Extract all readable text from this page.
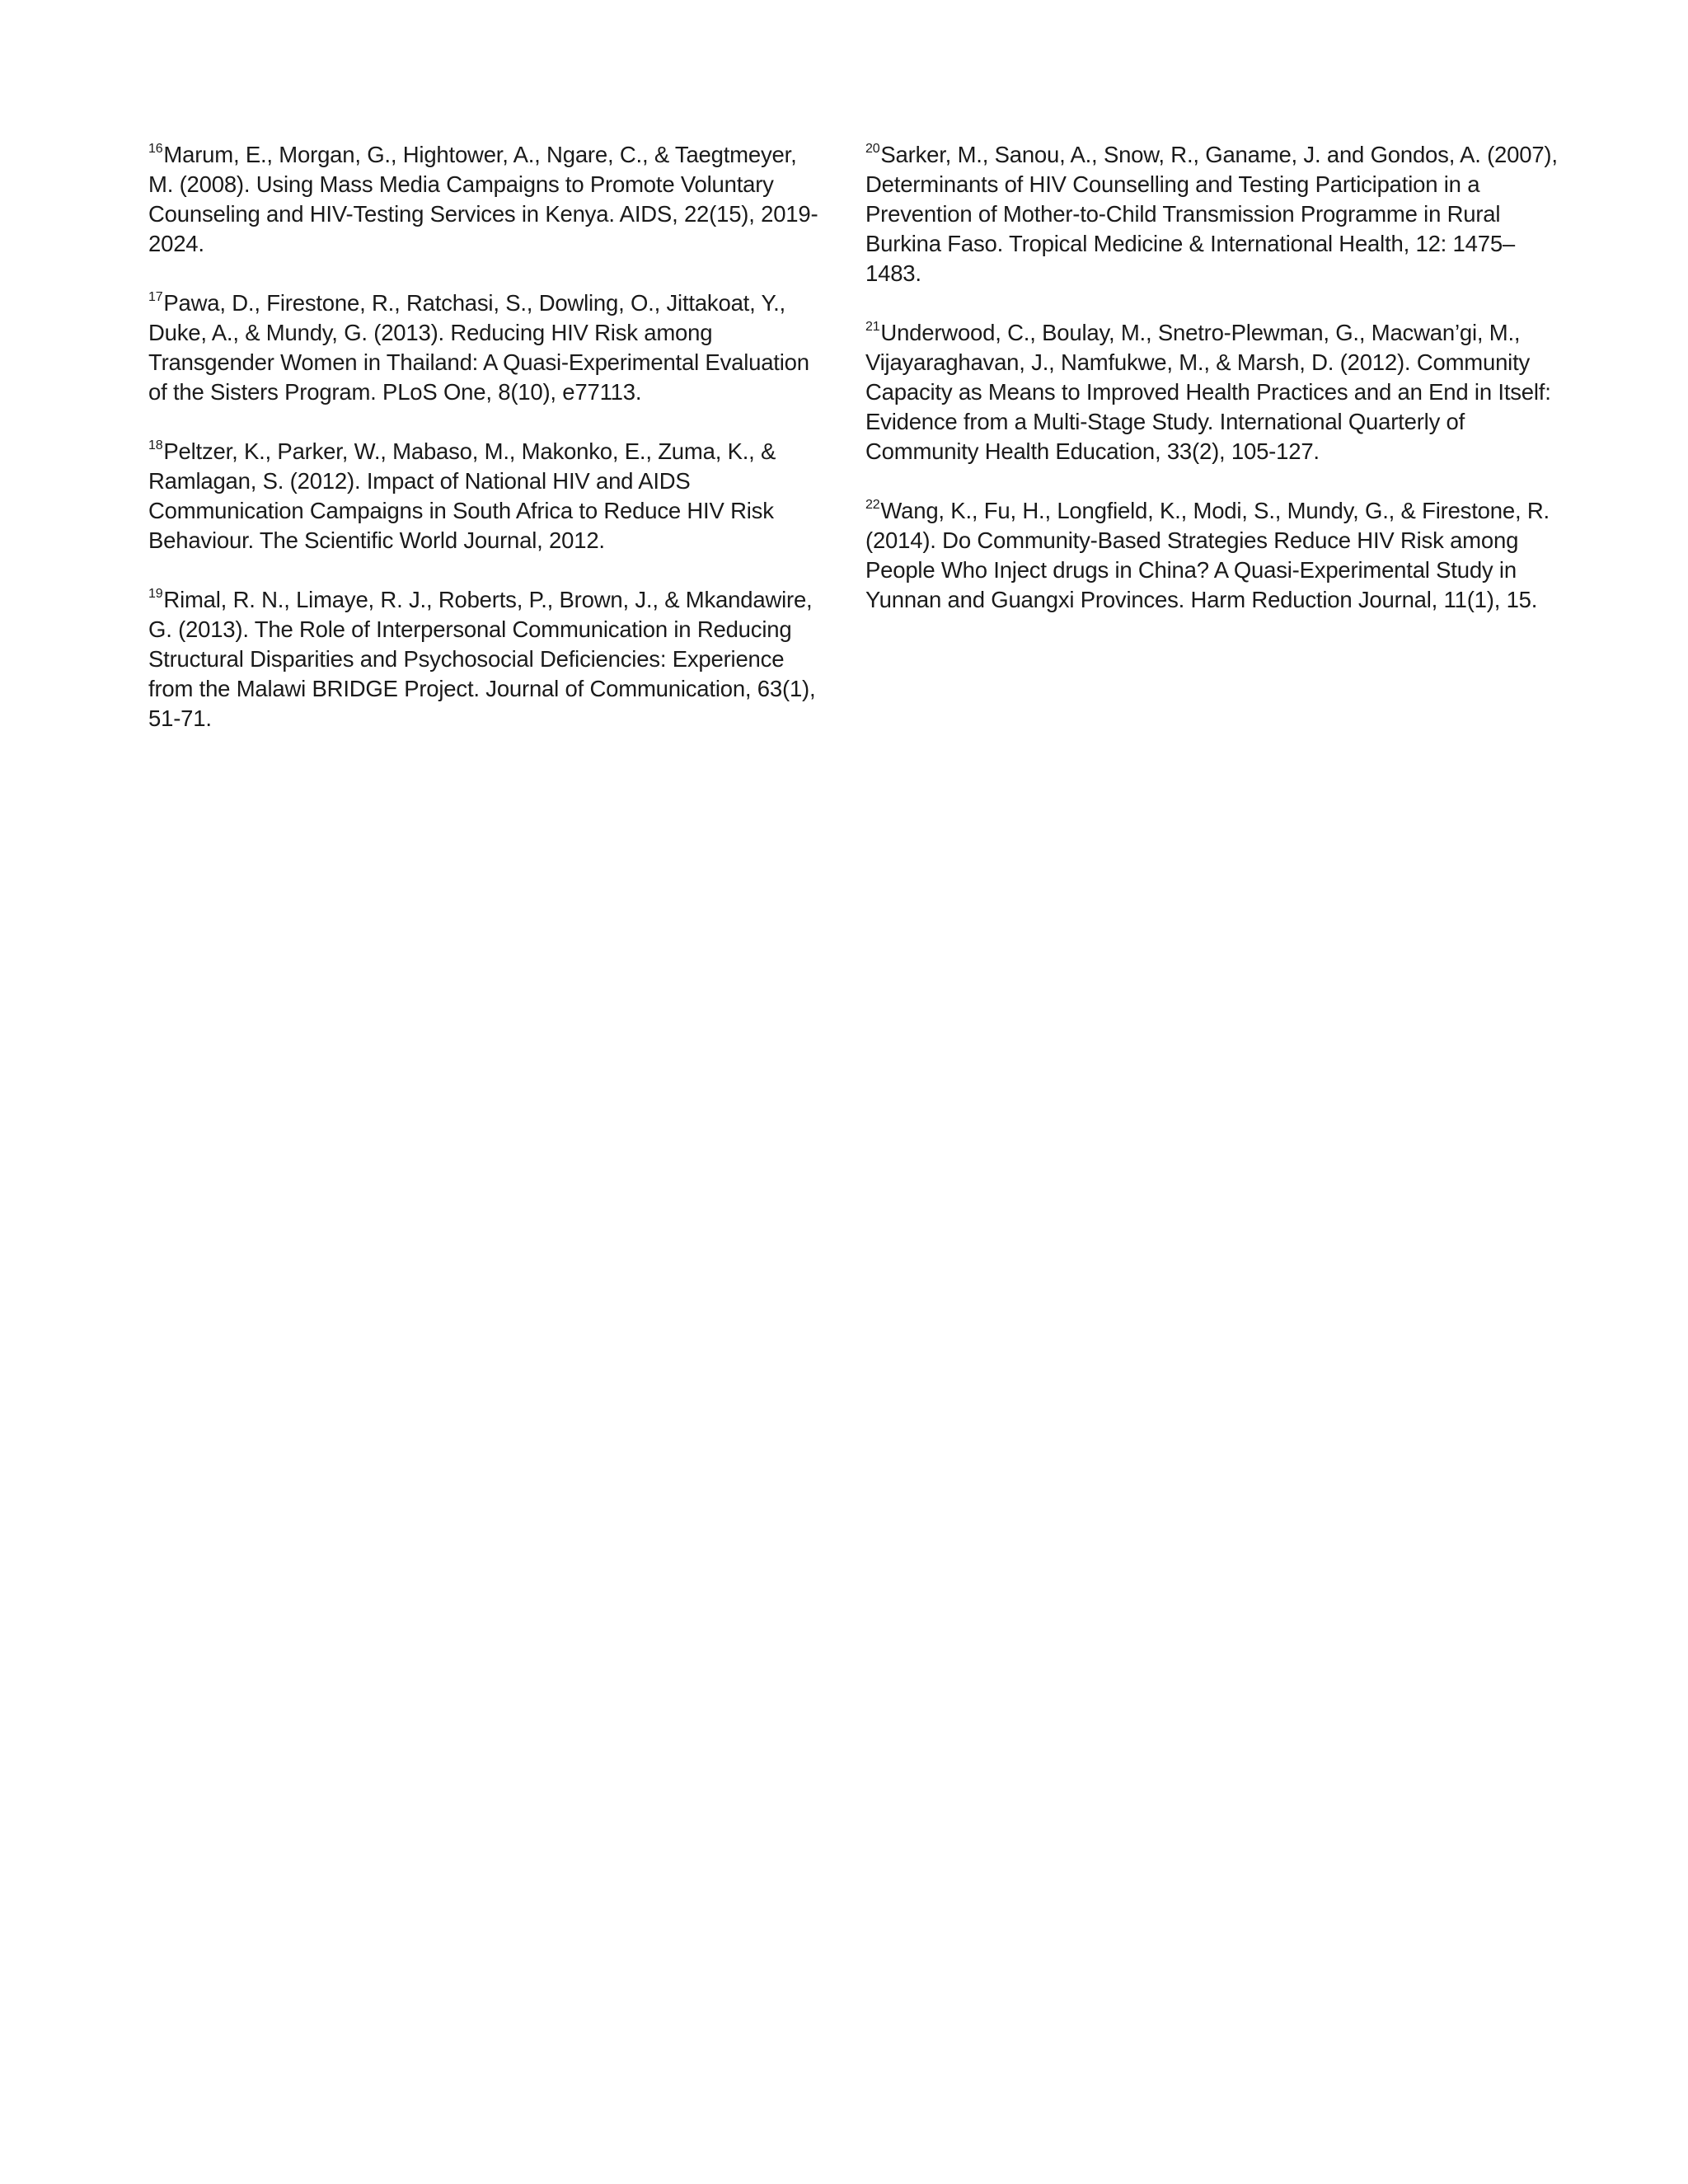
$^{16}$Marum, E., Morgan, G., Hightower, A., Ngare, C., & Taegtmeyer, M. (2008). Using Mass Media Campaigns to Promote Voluntary Counseling and HIV-Testing Services in Kenya. AIDS, 22(15), 2019-2024.

$^{17}$Pawa, D., Firestone, R., Ratchasi, S., Dowling, O., Jittakoat, Y., Duke, A., & Mundy, G. (2013). Reducing HIV Risk among Transgender Women in Thailand: A Quasi-Experimental Evaluation of the Sisters Program. PLoS One, 8(10), e77113.

$^{18}$Peltzer, K., Parker, W., Mabaso, M., Makonko, E., Zuma, K., & Ramlagan, S. (2012). Impact of National HIV and AIDS Communication Campaigns in South Africa to Reduce HIV Risk Behaviour. The Scientific World Journal, 2012.

$^{19}$Rimal, R. N., Limaye, R. J., Roberts, P., Brown, J., & Mkandawire, G. (2013). The Role of Interpersonal Communication in Reducing Structural Disparities and Psychosocial Deficiencies: Experience from the Malawi BRIDGE Project. Journal of Communication, 63(1), 51-71.

$^{20}$Sarker, M., Sanou, A., Snow, R., Ganame, J. and Gondos, A. (2007), Determinants of HIV Counselling and Testing Participation in a Prevention of Mother-to-Child Transmission Programme in Rural Burkina Faso. Tropical Medicine & International Health, 12: 1475–1483.

$^{21}$Underwood, C., Boulay, M., Snetro-Plewman, G., Macwan’gi, M., Vijayaraghavan, J., Namfukwe, M., & Marsh, D. (2012). Community Capacity as Means to Improved Health Practices and an End in Itself: Evidence from a Multi-Stage Study. International Quarterly of Community Health Education, 33(2), 105-127.

$^{22}$Wang, K., Fu, H., Longfield, K., Modi, S., Mundy, G., & Firestone, R. (2014). Do Community-Based Strategies Reduce HIV Risk among People Who Inject drugs in China? A Quasi-Experimental Study in Yunnan and Guangxi Provinces. Harm Reduction Journal, 11(1), 15.
